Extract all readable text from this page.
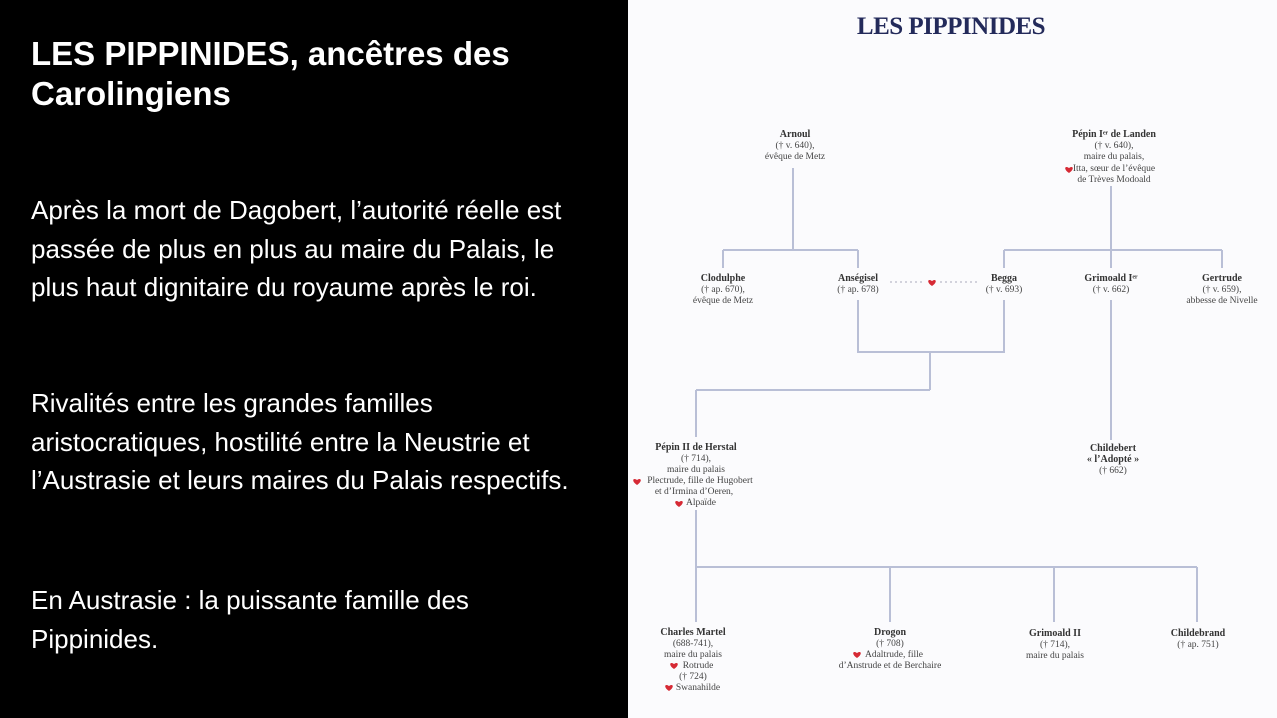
LES PIPPINIDES, ancêtres des Carolingiens

Après la mort de Dagobert, l’autorité réelle est passée de plus en plus au maire du Palais, le plus haut dignitaire du royaume après le roi.

Rivalités entre les grandes familles aristocratiques, hostilité entre la Neustrie et l’Austrasie et leurs maires du Palais respectifs.

En Austrasie : la puissante famille des Pippinides.

LES PIPPINIDES
Arnoul
(† v. 640),
évêque de Metz
Pépin Iᵉʳ de Landen
(† v. 640),
maire du palais,
Itta, sœur de l’évêque
de Trèves Modoald
Clodulphe
(† ap. 670),
évêque de Metz
Anségisel
(† ap. 678)
Begga
(† v. 693)
Grimoald Iᵉʳ
(† v. 662)
Gertrude
(† v. 659),
abbesse de Nivelle
Pépin II de Herstal
(† 714),
maire du palais
Plectrude, fille de Hugobert
et d’Irmina d’Oeren,
Alpaïde
Childebert
« l’Adopté »
(† 662)
Charles Martel
(688-741),
maire du palais
Rotrude
(† 724)
Swanahilde
Drogon
(† 708)
Adaltrude, fille
d’Anstrude et de Berchaire
Grimoald II
(† 714),
maire du palais
Childebrand
(† ap. 751)
